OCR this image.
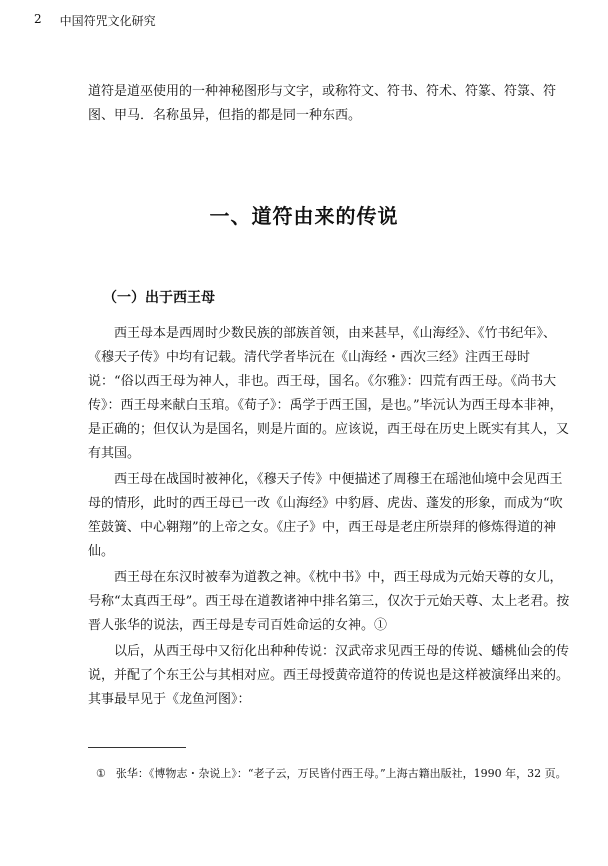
2 中国符咒文化研究
道符是道巫使用的一种神秘图形与文字，或称符文、符书、符术、符篆、符箓、符图、甲马．名称虽异，但指的都是同一种东西。
一、道符由来的传说
（一）出于西王母

西王母本是西周时少数民族的部族首领，由来甚早，《山海经》、《竹书纪年》、《穆天子传》中均有记载。清代学者毕沅在《山海经・西次三经》注西王母时说：“俗以西王母为神人，非也。西王母，国名。《尔雅》：四荒有西王母。《尚书大传》：西王母来献白玉琯。《荀子》：禹学于西王国，是也。”毕沅认为西王母本非神，是正确的；但仅认为是国名，则是片面的。应该说，西王母在历史上既实有其人，又有其国。

西王母在战国时被神化，《穆天子传》中便描述了周穆王在瑶池仙境中会见西王母的情形，此时的西王母已一改《山海经》中豹唇、虎齿、蓬发的形象，而成为“吹笙鼓簧、中心翱翔”的上帝之女。《庄子》中，西王母是老庄所崇拜的修炼得道的神仙。

西王母在东汉时被奉为道教之神。《枕中书》中，西王母成为元始天尊的女儿，号称“太真西王母”。西王母在道教诸神中排名第三，仅次于元始天尊、太上老君。按晋人张华的说法，西王母是专司百姓命运的女神。①

以后，从西王母中又衍化出种种传说：汉武帝求见西王母的传说、蟠桃仙会的传说，并配了个东王公与其相对应。西王母授黄帝道符的传说也是这样被演绎出来的。其事最早见于《龙鱼河图》：

① 张华：《博物志・杂说上》：“老子云，万民皆付西王母。”上海古籍出版社，1990 年，32 页。
